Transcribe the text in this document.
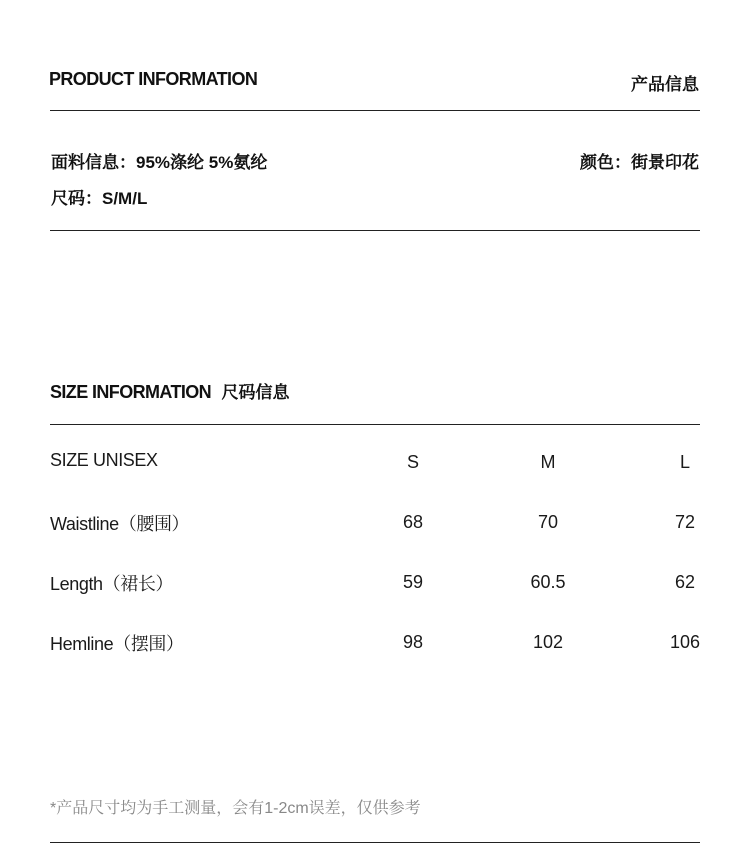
PRODUCT INFORMATION	产品信息
面料信息：95%涤纶 5%氨纶	颜色：街景印花
尺码：S/M/L
SIZE INFORMATION 尺码信息
SIZE UNISEX	S	M	L
Waistline（腰围）	68	70	72
Length（裙长）	59	60.5	62
Hemline（摆围）	98	102	106
*产品尺寸均为手工测量，会有1-2cm误差，仅供参考
